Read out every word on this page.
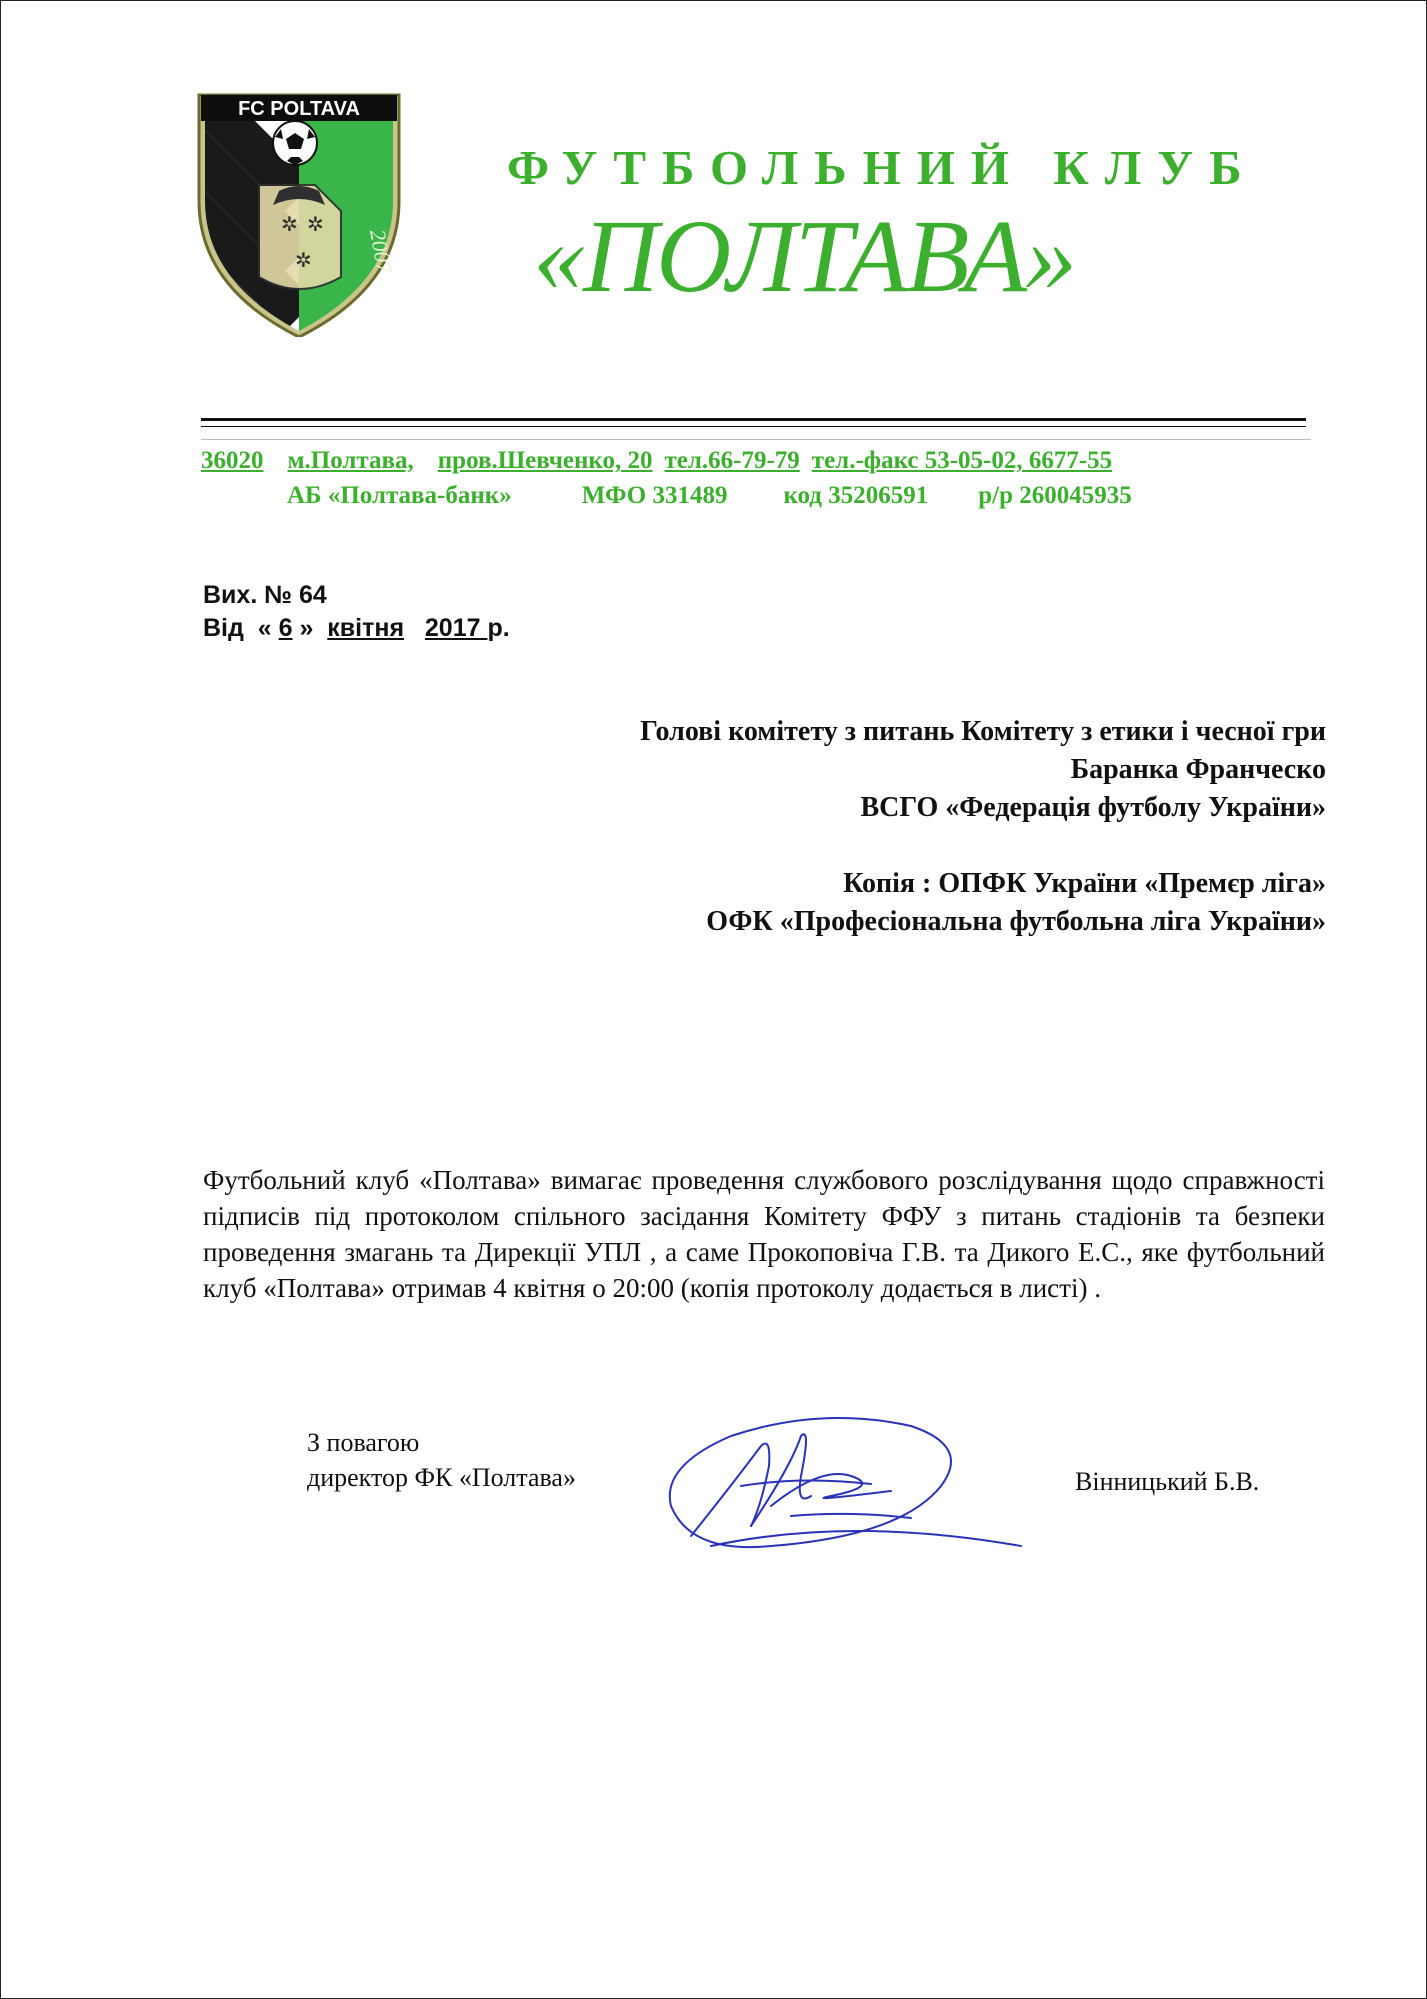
FC POLTAVA
✲ ✲
✲ 2007
ФУТБОЛЬНИЙ КЛУБ
«ПОЛТАВА»
36020 м.Полтава, пров.Шевченко, 20 тел.66-79-79 тел.-факс 53-05-02, 6677-55
АБ «Полтава-банк»	МФО 331489 код 35206591 р/р 260045935
Вих. № 64
Від  « 6 »  квітня 2017 р.
Голові комітету з питань Комітету з етики і чесної гри
Баранка Франческо
ВСГО «Федерація футболу України»
Копія : ОПФК України «Премєр ліга»
ОФК «Професіональна футбольна ліга України»

Футбольний клуб «Полтава» вимагає проведення службового розслідування щодо справжності підписів під протоколом спільного засідання Комітету ФФУ з питань стадіонів та безпеки проведення змагань та Дирекції УПЛ , а саме Прокоповіча Г.В. та Дикого Е.С., яке футбольний клуб «Полтава» отримав 4 квітня о 20:00 (копія протоколу додається в листі) .

З повагою
директор ФК «Полтава»	Вінницький Б.В.
